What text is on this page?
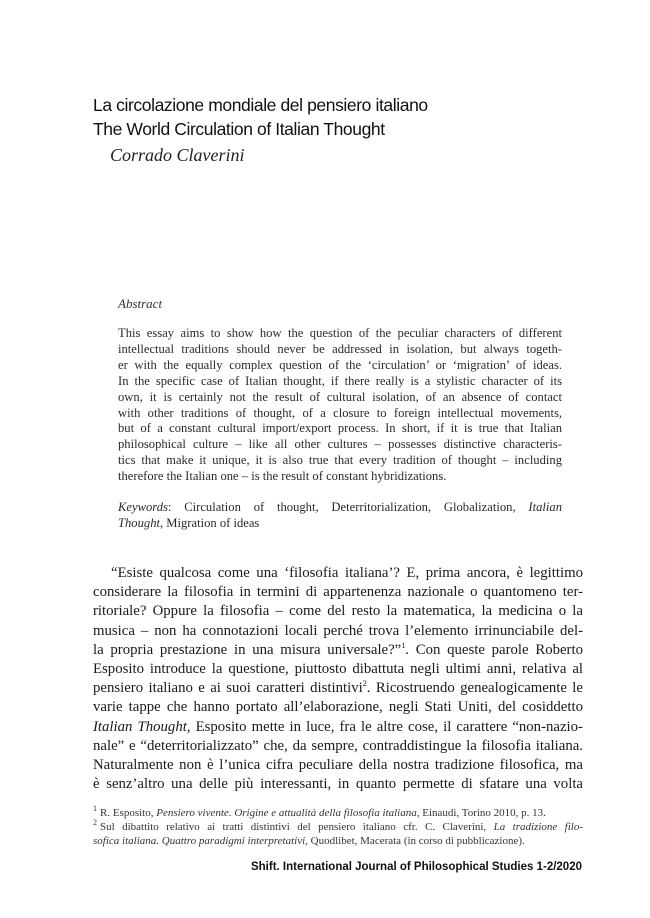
La circolazione mondiale del pensiero italiano
The World Circulation of Italian Thought
Corrado Claverini
Abstract

This essay aims to show how the question of the peculiar characters of different
intellectual traditions should never be addressed in isolation, but always togeth-
er with the equally complex question of the ‘circulation’ or ‘migration’ of ideas.
In the specific case of Italian thought, if there really is a stylistic character of its
own, it is certainly not the result of cultural isolation, of an absence of contact
with other traditions of thought, of a closure to foreign intellectual movements,
but of a constant cultural import/export process. In short, if it is true that Italian
philosophical culture – like all other cultures – possesses distinctive characteris-
tics that make it unique, it is also true that every tradition of thought – including
therefore the Italian one – is the result of constant hybridizations.

Keywords: Circulation of thought, Deterritorialization, Globalization, Italian
Thought, Migration of ideas

“Esiste qualcosa come una ‘filosofia italiana’? E, prima ancora, è legittimo
considerare la filosofia in termini di appartenenza nazionale o quantomeno ter-
ritoriale? Oppure la filosofia – come del resto la matematica, la medicina o la
musica – non ha connotazioni locali perché trova l’elemento irrinunciabile del-
la propria prestazione in una misura universale?”$^1$. Con queste parole Roberto
Esposito introduce la questione, piuttosto dibattuta negli ultimi anni, relativa al
pensiero italiano e ai suoi caratteri distintivi$^2$. Ricostruendo genealogicamente le
varie tappe che hanno portato all’elaborazione, negli Stati Uniti, del cosiddetto
Italian Thought, Esposito mette in luce, fra le altre cose, il carattere “non-nazio-
nale” e “deterritorializzato” che, da sempre, contraddistingue la filosofia italiana.
Naturalmente non è l’unica cifra peculiare della nostra tradizione filosofica, ma
è senz’altro una delle più interessanti, in quanto permette di sfatare una volta

$^1$ R. Esposito, Pensiero vivente. Origine e attualità della filosofia italiana, Einaudi, Torino 2010, p. 13.
$^2$ Sul dibattito relativo ai tratti distintivi del pensiero italiano cfr. C. Claverini, La tradizione filo-
sofica italiana. Quattro paradigmi interpretativi, Quodlibet, Macerata (in corso di pubblicazione).
Shift. International Journal of Philosophical Studies 1-2/2020
